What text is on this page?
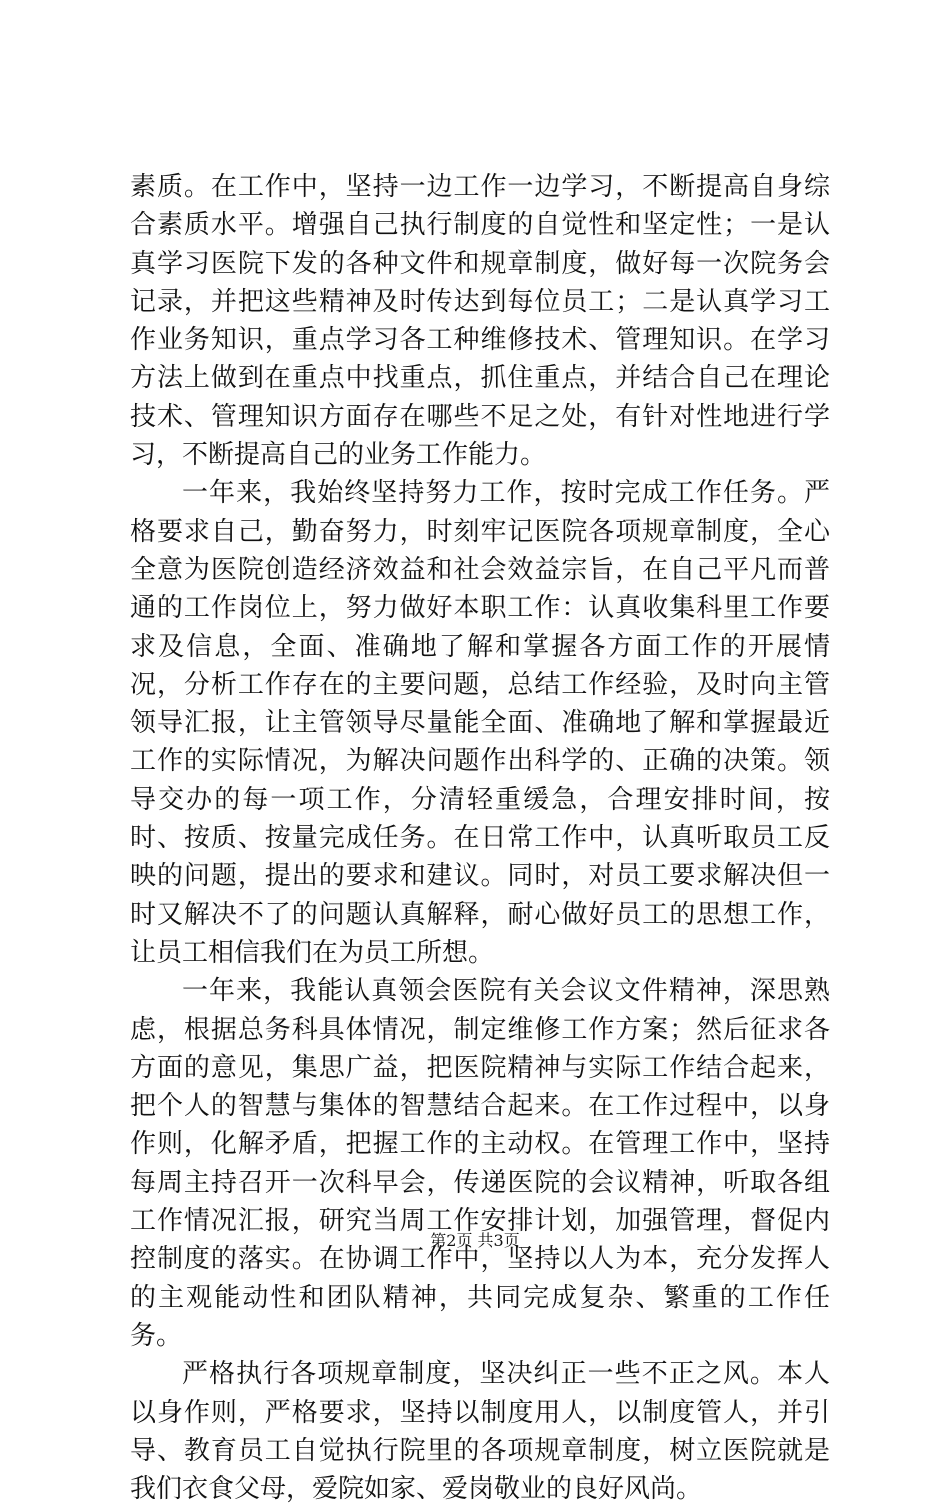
素质。在工作中，坚持一边工作一边学习，不断提高自身综合素质水平。增强自己执行制度的自觉性和坚定性；一是认真学习医院下发的各种文件和规章制度，做好每一次院务会记录，并把这些精神及时传达到每位员工；二是认真学习工作业务知识，重点学习各工种维修技术、管理知识。在学习方法上做到在重点中找重点，抓住重点，并结合自己在理论技术、管理知识方面存在哪些不足之处，有针对性地进行学习，不断提高自己的业务工作能力。

一年来，我始终坚持努力工作，按时完成工作任务。严格要求自己，勤奋努力，时刻牢记医院各项规章制度，全心全意为医院创造经济效益和社会效益宗旨，在自己平凡而普通的工作岗位上，努力做好本职工作：认真收集科里工作要求及信息，全面、准确地了解和掌握各方面工作的开展情况，分析工作存在的主要问题，总结工作经验，及时向主管领导汇报，让主管领导尽量能全面、准确地了解和掌握最近工作的实际情况，为解决问题作出科学的、正确的决策。领导交办的每一项工作，分清轻重缓急，合理安排时间，按时、按质、按量完成任务。在日常工作中，认真听取员工反映的问题，提出的要求和建议。同时，对员工要求解决但一时又解决不了的问题认真解释，耐心做好员工的思想工作，让员工相信我们在为员工所想。

一年来，我能认真领会医院有关会议文件精神，深思熟虑，根据总务科具体情况，制定维修工作方案；然后征求各方面的意见，集思广益，把医院精神与实际工作结合起来，把个人的智慧与集体的智慧结合起来。在工作过程中，以身作则，化解矛盾，把握工作的主动权。在管理工作中，坚持每周主持召开一次科早会，传递医院的会议精神，听取各组工作情况汇报，研究当周工作安排计划，加强管理，督促内控制度的落实。在协调工作中，坚持以人为本，充分发挥人的主观能动性和团队精神，共同完成复杂、繁重的工作任务。

严格执行各项规章制度，坚决纠正一些不正之风。本人以身作则，严格要求，坚持以制度用人，以制度管人，并引导、教育员工自觉执行院里的各项规章制度，树立医院就是我们衣食父母，爱院如家、爱岗敬业的良好风尚。

第2页 共3页
